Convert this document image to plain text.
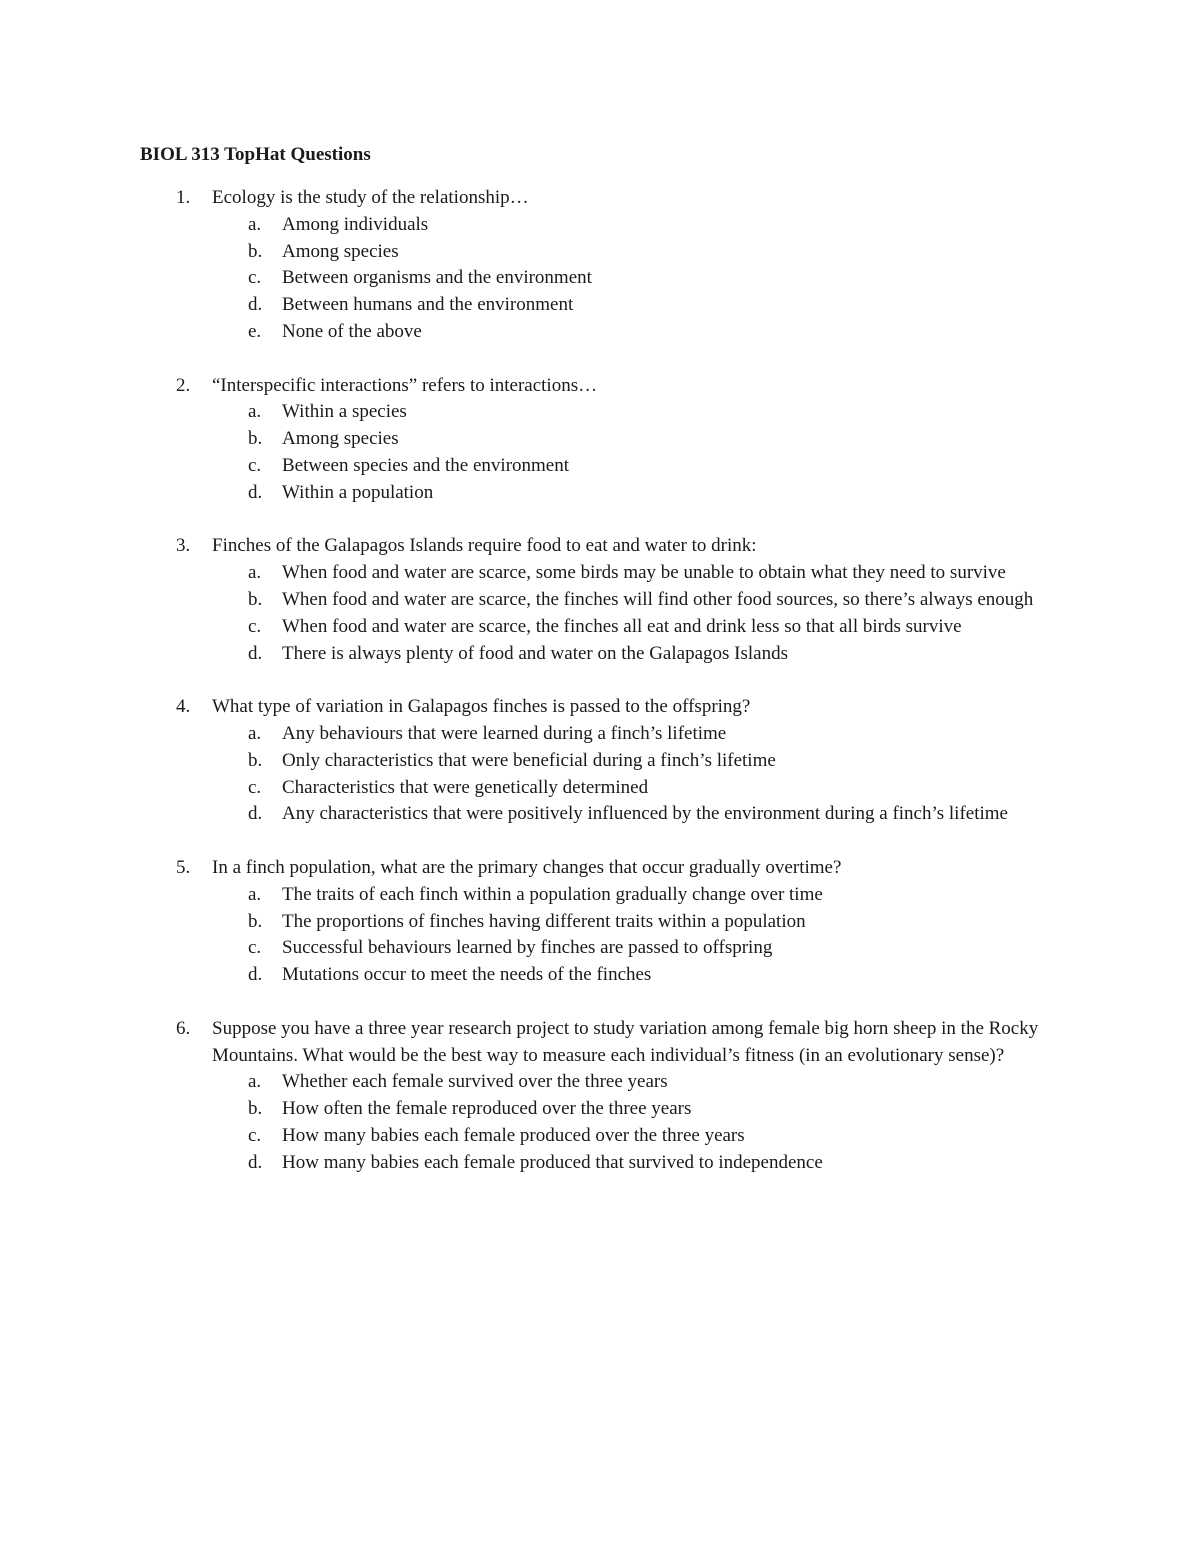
BIOL 313 TopHat Questions
1. Ecology is the study of the relationship…
a. Among individuals
b. Among species
c. Between organisms and the environment
d. Between humans and the environment
e. None of the above
2. “Interspecific interactions” refers to interactions…
a. Within a species
b. Among species
c. Between species and the environment
d. Within a population
3. Finches of the Galapagos Islands require food to eat and water to drink:
a. When food and water are scarce, some birds may be unable to obtain what they need to survive
b. When food and water are scarce, the finches will find other food sources, so there’s always enough
c. When food and water are scarce, the finches all eat and drink less so that all birds survive
d. There is always plenty of food and water on the Galapagos Islands
4. What type of variation in Galapagos finches is passed to the offspring?
a. Any behaviours that were learned during a finch’s lifetime
b. Only characteristics that were beneficial during a finch’s lifetime
c. Characteristics that were genetically determined
d. Any characteristics that were positively influenced by the environment during a finch’s lifetime
5. In a finch population, what are the primary changes that occur gradually overtime?
a. The traits of each finch within a population gradually change over time
b. The proportions of finches having different traits within a population
c. Successful behaviours learned by finches are passed to offspring
d. Mutations occur to meet the needs of the finches
6. Suppose you have a three year research project to study variation among female big horn sheep in the Rocky Mountains. What would be the best way to measure each individual’s fitness (in an evolutionary sense)?
a. Whether each female survived over the three years
b. How often the female reproduced over the three years
c. How many babies each female produced over the three years
d. How many babies each female produced that survived to independence
